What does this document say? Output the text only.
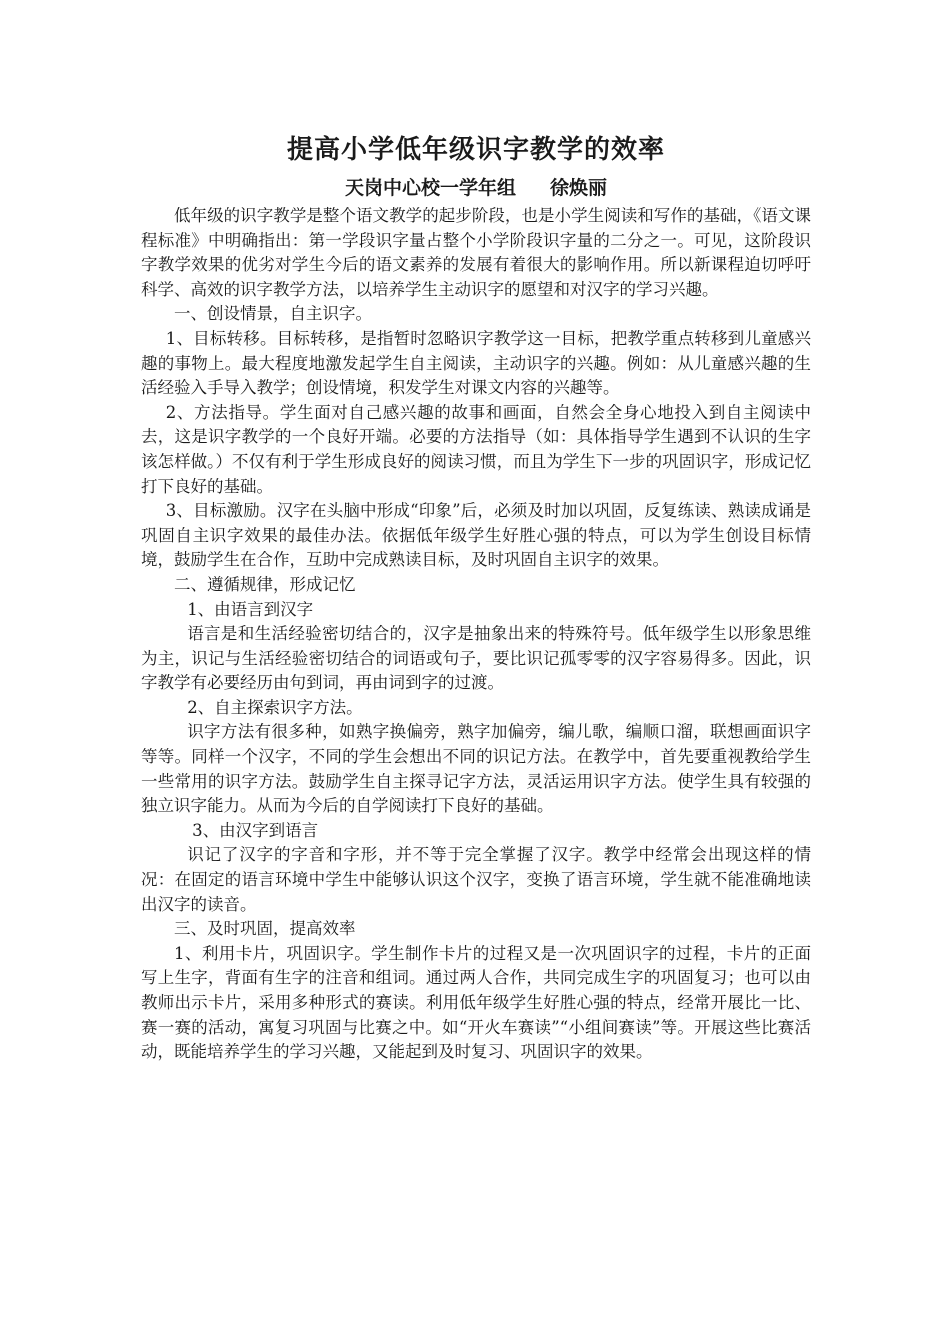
提高小学低年级识字教学的效率
天岗中心校一学年组 徐焕丽

低年级的识字教学是整个语文教学的起步阶段，也是小学生阅读和写作的基础，《语文课程标准》中明确指出：第一学段识字量占整个小学阶段识字量的二分之一。可见，这阶段识字教学效果的优劣对学生今后的语文素养的发展有着很大的影响作用。所以新课程迫切呼吁科学、高效的识字教学方法，以培养学生主动识字的愿望和对汉字的学习兴趣。

一、创设情景，自主识字。

1、目标转移。目标转移，是指暂时忽略识字教学这一目标，把教学重点转移到儿童感兴趣的事物上。最大程度地激发起学生自主阅读，主动识字的兴趣。例如：从儿童感兴趣的生活经验入手导入教学；创设情境，积发学生对课文内容的兴趣等。

2、方法指导。学生面对自己感兴趣的故事和画面，自然会全身心地投入到自主阅读中去，这是识字教学的一个良好开端。必要的方法指导（如：具体指导学生遇到不认识的生字该怎样做。）不仅有利于学生形成良好的阅读习惯，而且为学生下一步的巩固识字，形成记忆打下良好的基础。

3、目标激励。汉字在头脑中形成“印象”后，必须及时加以巩固，反复练读、熟读成诵是巩固自主识字效果的最佳办法。依据低年级学生好胜心强的特点，可以为学生创设目标情境，鼓励学生在合作，互助中完成熟读目标，及时巩固自主识字的效果。

二、遵循规律，形成记忆

1、由语言到汉字

语言是和生活经验密切结合的，汉字是抽象出来的特殊符号。低年级学生以形象思维为主，识记与生活经验密切结合的词语或句子，要比识记孤零零的汉字容易得多。因此，识字教学有必要经历由句到词，再由词到字的过渡。

2、自主探索识字方法。

识字方法有很多种，如熟字换偏旁，熟字加偏旁，编儿歌，编顺口溜，联想画面识字等等。同样一个汉字，不同的学生会想出不同的识记方法。在教学中，首先要重视教给学生一些常用的识字方法。鼓励学生自主探寻记字方法，灵活运用识字方法。使学生具有较强的独立识字能力。从而为今后的自学阅读打下良好的基础。

3、由汉字到语言

识记了汉字的字音和字形，并不等于完全掌握了汉字。教学中经常会出现这样的情况：在固定的语言环境中学生中能够认识这个汉字，变换了语言环境，学生就不能准确地读出汉字的读音。

三、及时巩固，提高效率

1、利用卡片，巩固识字。学生制作卡片的过程又是一次巩固识字的过程，卡片的正面写上生字，背面有生字的注音和组词。通过两人合作，共同完成生字的巩固复习；也可以由教师出示卡片，采用多种形式的赛读。利用低年级学生好胜心强的特点，经常开展比一比、赛一赛的活动，寓复习巩固与比赛之中。如“开火车赛读”“小组间赛读”等。开展这些比赛活动，既能培养学生的学习兴趣，又能起到及时复习、巩固识字的效果。
